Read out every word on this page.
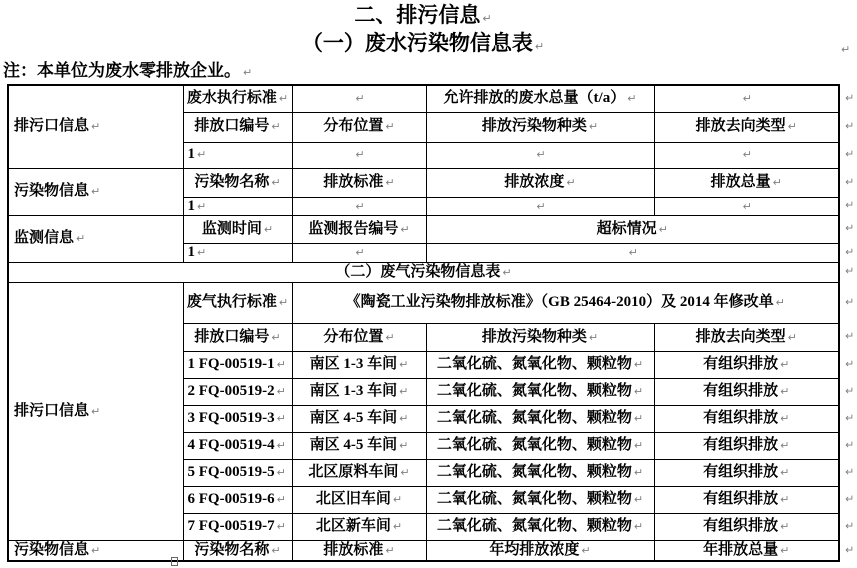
二、排污信息 ↵
（一）废水污染物信息表 ↵	↵
注：本单位为废水零排放企业。 ↵
排污口信息 ↵	废水执行标准 ↵	↵	允许排放的废水总量（t/a） ↵	↵
	排放口编号 ↵	分布位置 ↵	排放污染物种类 ↵	排放去向类型 ↵
	1 ↵	↵	↵	↵
污染物信息 ↵	污染物名称 ↵	排放标准 ↵	排放浓度 ↵	排放总量 ↵
	1 ↵	↵	↵	↵
监测信息 ↵	监测时间 ↵	监测报告编号 ↵	超标情况 ↵	
	1 ↵	↵	↵	
（二）废气污染物信息表 ↵				
排污口信息 ↵	废气执行标准 ↵	《陶瓷工业污染物排放标准》（GB 25464-2010）及 2014 年修改单 ↵		
	排放口编号 ↵	分布位置 ↵	排放污染物种类 ↵	排放去向类型 ↵
	1 FQ-00519-1 ↵	南区 1-3 车间 ↵	二氧化硫、氮氧化物、颗粒物 ↵	有组织排放 ↵
	2 FQ-00519-2 ↵	南区 1-3 车间 ↵	二氧化硫、氮氧化物、颗粒物 ↵	有组织排放 ↵
	3 FQ-00519-3 ↵	南区 4-5 车间 ↵	二氧化硫、氮氧化物、颗粒物 ↵	有组织排放 ↵
	4 FQ-00519-4 ↵	南区 4-5 车间 ↵	二氧化硫、氮氧化物、颗粒物 ↵	有组织排放 ↵
	5 FQ-00519-5 ↵	北区原料车间 ↵	二氧化硫、氮氧化物、颗粒物 ↵	有组织排放 ↵
	6 FQ-00519-6 ↵	北区旧车间 ↵	二氧化硫、氮氧化物、颗粒物 ↵	有组织排放 ↵
	7 FQ-00519-7 ↵	北区新车间 ↵	二氧化硫、氮氧化物、颗粒物 ↵	有组织排放 ↵
污染物信息 ↵	污染物名称 ↵	排放标准 ↵	年均排放浓度 ↵	年排放总量 ↵
↵
↵
↵
↵
↵
↵
↵
↵
↵
↵
↵
↵
↵
↵
↵
↵
↵
↵
